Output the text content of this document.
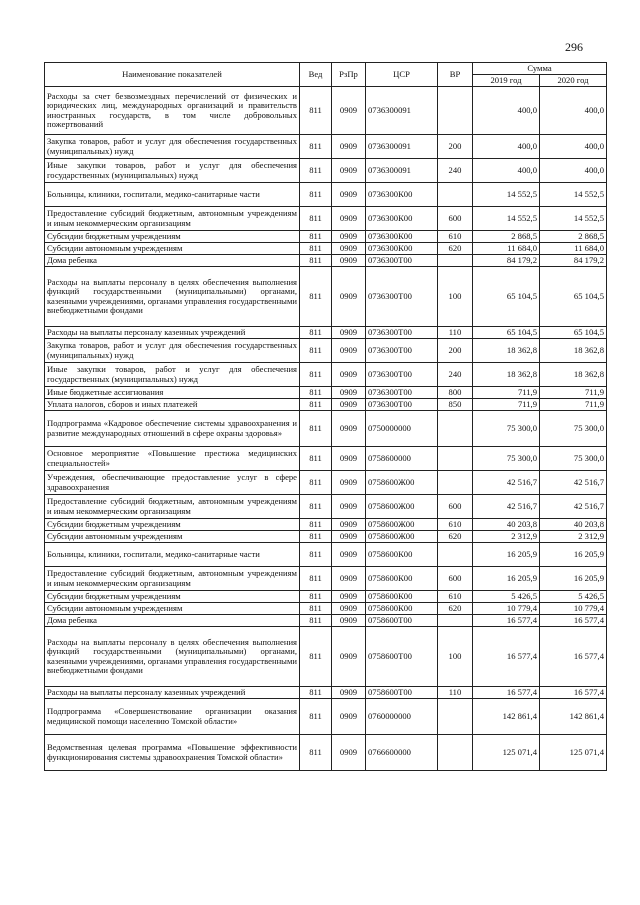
296
Наименование показателей	Вед	РзПр	ЦСР	ВР	Сумма	
					2019 год	2020 год
Расходы за счет безвозмездных перечислений от физических и юридических лиц, международных организаций и правительств иностранных государств, в том числе добровольных пожертвований	811	0909	0736300091		400,0	400,0
Закупка товаров, работ и услуг для обеспечения государственных (муниципальных) нужд	811	0909	0736300091	200	400,0	400,0
Иные закупки товаров, работ и услуг для обеспечения государственных (муниципальных) нужд	811	0909	0736300091	240	400,0	400,0
Больницы, клиники, госпитали, медико-санитарные части	811	0909	0736300К00		14 552,5	14 552,5
Предоставление субсидий бюджетным, автономным учреждениям и иным некоммерческим организациям	811	0909	0736300К00	600	14 552,5	14 552,5
Субсидии бюджетным учреждениям	811	0909	0736300К00	610	2 868,5	2 868,5
Субсидии автономным учреждениям	811	0909	0736300К00	620	11 684,0	11 684,0
Дома ребенка	811	0909	0736300Т00		84 179,2	84 179,2
Расходы на выплаты персоналу в целях обеспечения выполнения функций государственными (муниципальными) органами, казенными учреждениями, органами управления государственными внебюджетными фондами	811	0909	0736300Т00	100	65 104,5	65 104,5
Расходы на выплаты персоналу казенных учреждений	811	0909	0736300Т00	110	65 104,5	65 104,5
Закупка товаров, работ и услуг для обеспечения государственных (муниципальных) нужд	811	0909	0736300Т00	200	18 362,8	18 362,8
Иные закупки товаров, работ и услуг для обеспечения государственных (муниципальных) нужд	811	0909	0736300Т00	240	18 362,8	18 362,8
Иные бюджетные ассигнования	811	0909	0736300Т00	800	711,9	711,9
Уплата налогов, сборов и иных платежей	811	0909	0736300Т00	850	711,9	711,9
Подпрограмма «Кадровое обеспечение системы здравоохранения и развитие международных отношений в сфере охраны здоровья»	811	0909	0750000000		75 300,0	75 300,0
Основное мероприятие «Повышение престижа медицинских специальностей»	811	0909	0758600000		75 300,0	75 300,0
Учреждения, обеспечивающие предоставление услуг в сфере здравоохранения	811	0909	0758600Ж00		42 516,7	42 516,7
Предоставление субсидий бюджетным, автономным учреждениям и иным некоммерческим организациям	811	0909	0758600Ж00	600	42 516,7	42 516,7
Субсидии бюджетным учреждениям	811	0909	0758600Ж00	610	40 203,8	40 203,8
Субсидии автономным учреждениям	811	0909	0758600Ж00	620	2 312,9	2 312,9
Больницы, клиники, госпитали, медико-санитарные части	811	0909	0758600К00		16 205,9	16 205,9
Предоставление субсидий бюджетным, автономным учреждениям и иным некоммерческим организациям	811	0909	0758600К00	600	16 205,9	16 205,9
Субсидии бюджетным учреждениям	811	0909	0758600К00	610	5 426,5	5 426,5
Субсидии автономным учреждениям	811	0909	0758600К00	620	10 779,4	10 779,4
Дома ребенка	811	0909	0758600Т00		16 577,4	16 577,4
Расходы на выплаты персоналу в целях обеспечения выполнения функций государственными (муниципальными) органами, казенными учреждениями, органами управления государственными внебюджетными фондами	811	0909	0758600Т00	100	16 577,4	16 577,4
Расходы на выплаты персоналу казенных учреждений	811	0909	0758600Т00	110	16 577,4	16 577,4
Подпрограмма «Совершенствование организации оказания медицинской помощи населению Томской области»	811	0909	0760000000		142 861,4	142 861,4
Ведомственная целевая программа «Повышение эффективности функционирования системы здравоохранения Томской области»	811	0909	0766600000		125 071,4	125 071,4
